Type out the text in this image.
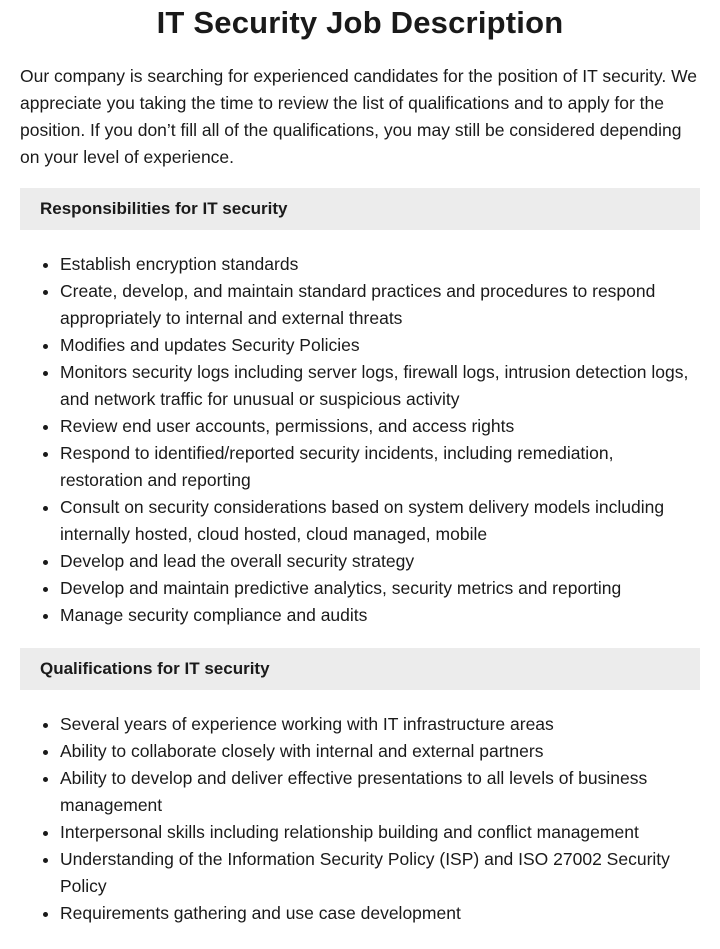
IT Security Job Description

Our company is searching for experienced candidates for the position of IT security. We appreciate you taking the time to review the list of qualifications and to apply for the position. If you don’t fill all of the qualifications, you may still be considered depending on your level of experience.

Responsibilities for IT security
• Establish encryption standards
• Create, develop, and maintain standard practices and procedures to respond appropriately to internal and external threats
• Modifies and updates Security Policies
• Monitors security logs including server logs, firewall logs, intrusion detection logs, and network traffic for unusual or suspicious activity
• Review end user accounts, permissions, and access rights
• Respond to identified/reported security incidents, including remediation, restoration and reporting
• Consult on security considerations based on system delivery models including internally hosted, cloud hosted, cloud managed, mobile
• Develop and lead the overall security strategy
• Develop and maintain predictive analytics, security metrics and reporting
• Manage security compliance and audits
Qualifications for IT security
• Several years of experience working with IT infrastructure areas
• Ability to collaborate closely with internal and external partners
• Ability to develop and deliver effective presentations to all levels of business management
• Interpersonal skills including relationship building and conflict management
• Understanding of the Information Security Policy (ISP) and ISO 27002 Security Policy
• Requirements gathering and use case development
